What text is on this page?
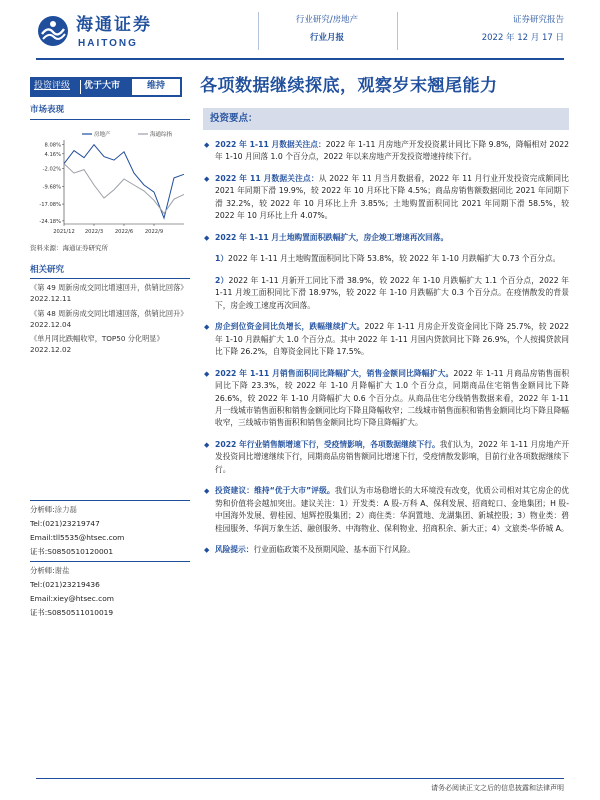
海通证券
HAITONG
行业研究/房地产
行业月报
证券研究报告
2022 年 12 月 17 日
投资评级	优于大市	维持	各项数据继续探底，观察岁末翘尾能力
市场表现
8.08%
4.16%
-2.02%
-9.68%
-17.08%
-24.18%
2021/12 2022/3 2022/6 2022/9
房地产	海通综指
资料来源：海通证券研究所
相关研究
《第 49 周新房成交同比增速回升，供销比回落》
2022.12.11
《第 48 周新房成交同比增速回落，供销比回升》
2022.12.04
《单月同比跌幅收窄，TOP50 分化明显》
2022.12.02
分析师:涂力磊
Tel:(021)23219747
Email:tll5535@htsec.com
证书:S0850510120001
分析师:谢盐
Tel:(021)23219436
Email:xiey@htsec.com
证书:S0850511010019
投资要点：
◆ 2022 年 1-11 月数据关注点：2022 年 1-11 月房地产开发投资累计同比下降 9.8%，降幅相对 2022 年 1-10 月回落 1.0 个百分点，2022 年以来房地产开发投资增速持续下行。
◆ 2022 年 11 月数据关注点：从 2022 年 11 月当月数据看，2022 年 11 月行业开发投资完成额同比 2021 年同期下滑 19.9%，较 2022 年 10 月环比下降 4.5%；商品房销售额数据同比 2021 年同期下滑 32.2%，较 2022 年 10 月环比上升 3.85%；土地购置面积同比 2021 年同期下滑 58.5%，较 2022 年 10 月环比上升 4.07%。
◆ 2022 年 1-11 月土地购置面积跌幅扩大，房企竣工增速再次回落。
1）2022 年 1-11 月土地购置面积同比下降 53.8%，较 2022 年 1-10 月跌幅扩大 0.73 个百分点。
2）2022 年 1-11 月新开工同比下滑 38.9%，较 2022 年 1-10 月跌幅扩大 1.1 个百分点，2022 年 1-11 月竣工面积同比下滑 18.97%，较 2022 年 1-10 月跌幅扩大 0.3 个百分点。在疫情散发的背景下，房企竣工速度再次回落。
◆ 房企到位资金同比负增长，跌幅继续扩大。2022 年 1-11 月房企开发资金同比下降 25.7%，较 2022 年 1-10 月跌幅扩大 1.0 个百分点。其中 2022 年 1-11 月国内贷款同比下降 26.9%，个人按揭贷款同比下降 26.2%，自筹资金同比下降 17.5%。
◆ 2022 年 1-11 月销售面积同比降幅扩大，销售金额同比降幅扩大。2022 年 1-11 月商品房销售面积同比下降 23.3%，较 2022 年 1-10 月降幅扩大 1.0 个百分点，同期商品住宅销售金额同比下降 26.6%，较 2022 年 1-10 月降幅扩大 0.6 个百分点。从商品住宅分线销售数据来看，2022 年 1-11 月一线城市销售面积和销售金额同比均下降且降幅收窄；二线城市销售面积和销售金额同比均下降且降幅收窄，三线城市销售面积和销售金额同比均下降且降幅扩大。
◆ 2022 年行业销售额增速下行，受疫情影响，各项数据继续下行。我们认为，2022 年 1-11 月房地产开发投资同比增速继续下行，同期商品房销售额同比增速下行，受疫情散发影响，目前行业各项数据继续下行。
◆ 投资建议：维持“优于大市”评级。我们认为市场稳增长的大环境没有改变，优质公司相对其它房企的优势和价值将会越加突出。建议关注：1）开发类：A 股-万科 A、保利发展、招商蛇口、金地集团；H 股-中国海外发展、碧桂园、旭辉控股集团；2）商住类：华润置地、龙湖集团、新城控股；3）物业类：碧桂园服务、华润万象生活、融创服务、中海物业、保利物业、招商积余、新大正；4）文旅类-华侨城 A。
◆ 风险提示：行业面临政策不及预期风险、基本面下行风险。
请务必阅读正文之后的信息披露和法律声明
